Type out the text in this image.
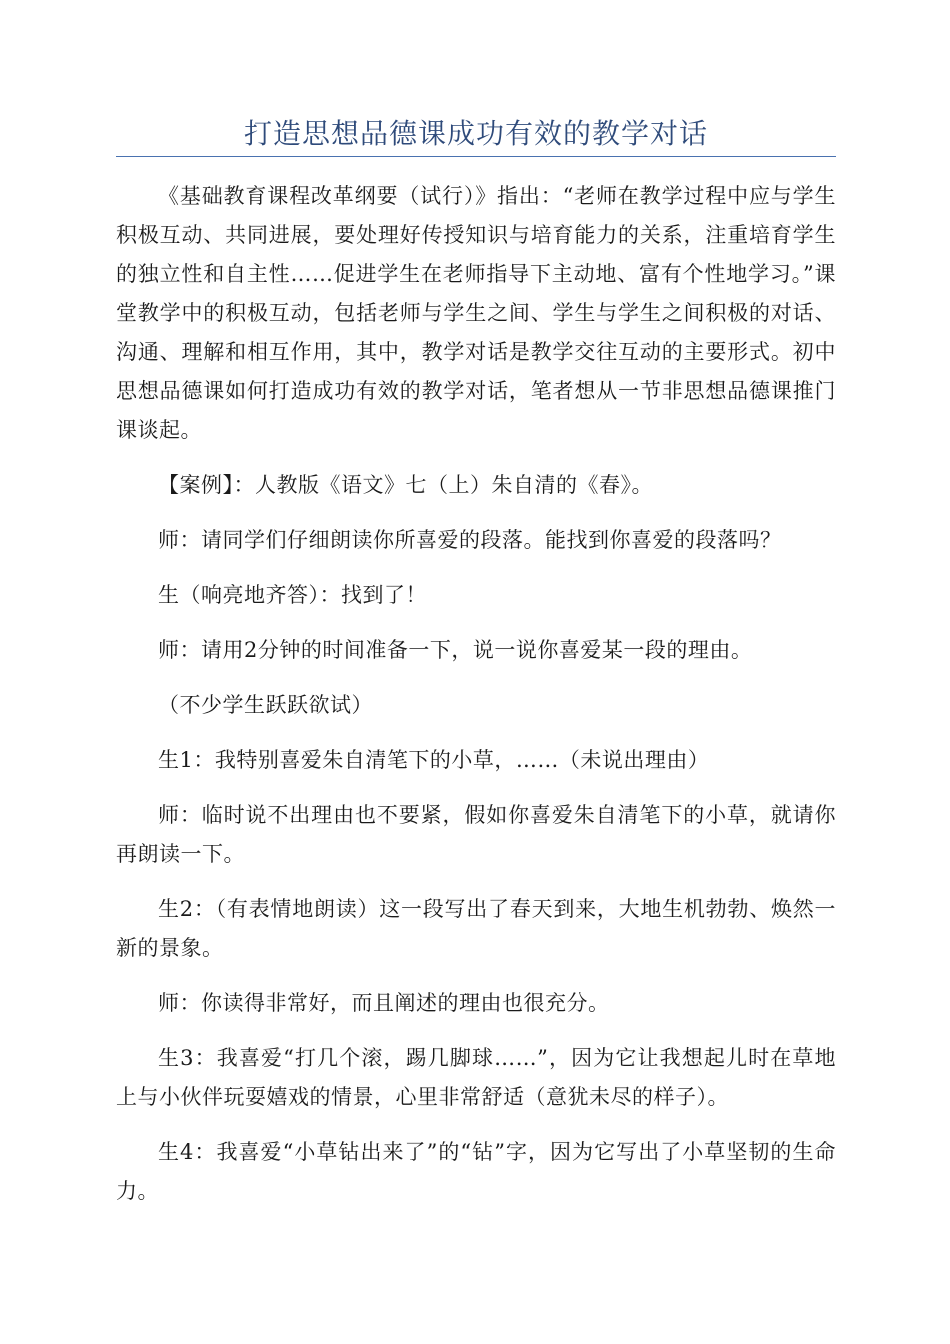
打造思想品德课成功有效的教学对话

《基础教育课程改革纲要（试行）》指出：“老师在教学过程中应与学生积极互动、共同进展，要处理好传授知识与培育能力的关系，注重培育学生的独立性和自主性……促进学生在老师指导下主动地、富有个性地学习。”课堂教学中的积极互动，包括老师与学生之间、学生与学生之间积极的对话、沟通、理解和相互作用，其中，教学对话是教学交往互动的主要形式。初中思想品德课如何打造成功有效的教学对话，笔者想从一节非思想品德课推门课谈起。

【案例】：人教版《语文》七（上）朱自清的《春》。

师：请同学们仔细朗读你所喜爱的段落。能找到你喜爱的段落吗？

生（响亮地齐答）：找到了！

师：请用2分钟的时间准备一下，说一说你喜爱某一段的理由。

（不少学生跃跃欲试）

生1：我特别喜爱朱自清笔下的小草，……（未说出理由）

师：临时说不出理由也不要紧，假如你喜爱朱自清笔下的小草，就请你再朗读一下。

生2：（有表情地朗读）这一段写出了春天到来，大地生机勃勃、焕然一新的景象。

师：你读得非常好，而且阐述的理由也很充分。

生3：我喜爱“打几个滚，踢几脚球……”，因为它让我想起儿时在草地上与小伙伴玩耍嬉戏的情景，心里非常舒适（意犹未尽的样子）。

生4：我喜爱“小草钻出来了”的“钻”字，因为它写出了小草坚韧的生命力。
